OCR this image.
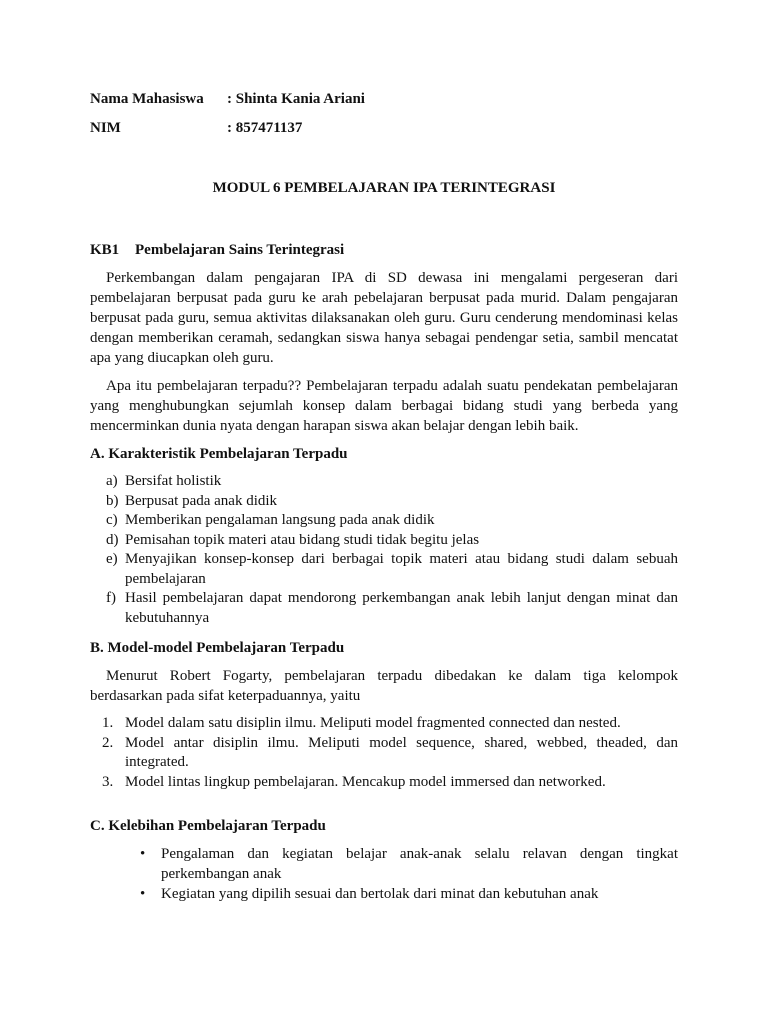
Nama Mahasiswa	: Shinta Kania Ariani
NIM	: 857471137
MODUL 6 PEMBELAJARAN IPA TERINTEGRASI
KB1	Pembelajaran Sains Terintegrasi

Perkembangan dalam pengajaran IPA di SD dewasa ini mengalami pergeseran dari pembelajaran berpusat pada guru ke arah pebelajaran berpusat pada murid. Dalam pengajaran berpusat pada guru, semua aktivitas dilaksanakan oleh guru. Guru cenderung mendominasi kelas dengan memberikan ceramah, sedangkan siswa hanya sebagai pendengar setia, sambil mencatat apa yang diucapkan oleh guru.

Apa itu pembelajaran terpadu?? Pembelajaran terpadu adalah suatu pendekatan pembelajaran yang menghubungkan sejumlah konsep dalam berbagai bidang studi yang berbeda yang mencerminkan dunia nyata dengan harapan siswa akan belajar dengan lebih baik.

A. Karakteristik Pembelajaran Terpadu
a) Bersifat holistik
b) Berpusat pada anak didik
c) Memberikan pengalaman langsung pada anak didik
d) Pemisahan topik materi atau bidang studi tidak begitu jelas
e) Menyajikan konsep-konsep dari berbagai topik materi atau bidang studi dalam sebuah pembelajaran
f) Hasil pembelajaran dapat mendorong perkembangan anak lebih lanjut dengan minat dan kebutuhannya
B. Model-model Pembelajaran Terpadu

Menurut Robert Fogarty, pembelajaran terpadu dibedakan ke dalam tiga kelompok berdasarkan pada sifat keterpaduannya, yaitu

1. Model dalam satu disiplin ilmu. Meliputi model fragmented connected dan nested.
2. Model antar disiplin ilmu. Meliputi model sequence, shared, webbed, theaded, dan integrated.
3. Model lintas lingkup pembelajaran. Mencakup model immersed dan networked.
C. Kelebihan Pembelajaran Terpadu
•	Pengalaman dan kegiatan belajar anak-anak selalu relavan dengan tingkat perkembangan anak
•	Kegiatan yang dipilih sesuai dan bertolak dari minat dan kebutuhan anak
